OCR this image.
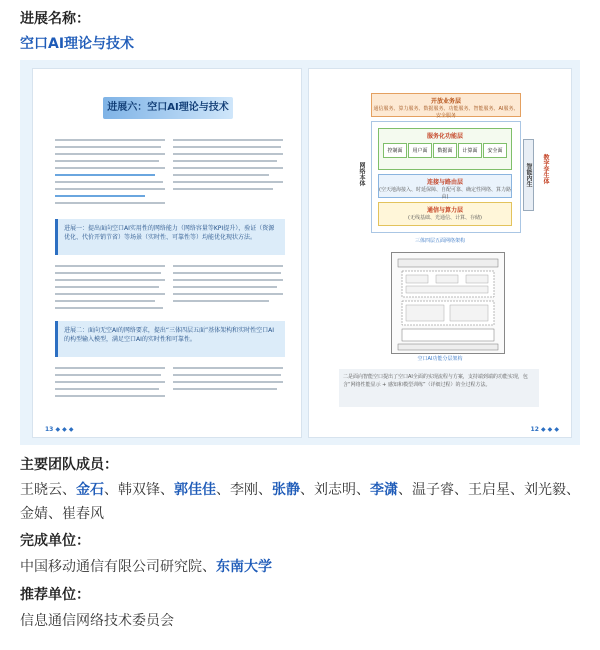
进展名称：
空口AI理论与技术
进展六：空口AI理论与技术
进展一：提出面向空口AI实用性的网络能力（网络容量等KPI提升），验证（资源优化、代价开销节省）等场景（实时性、可靠性等）均能优化现状方法。
进展二：面向无空AI的网络要求，提出“三体四层五面”基体架构和实时性空口AI的构型输入模型，满足空口AI的实时性和可靠性。
13 ◆ ◆ ◆
开放业务层
通信服务、算力服务、数据服务、功能服务、智能服务、AI服务、安全服务
网络本体
服务化功能层
控制面	用户面	数据面	计算面	安全面
连接与路由层
(空天地海接入、时延保障、自配可靠、确定性网络、算力路由)
通信与算力层
(无线基础、光通信、计算、存储)
智能内生	数字孪生体
三体四层五面网络架构
空口AI功能分层架构
二是面向智能空口提出了空口AI全面的实现流程与方案，支持端到端的功能实现，包含“网络性能显示 + 感知和模型训练”（详细过程）的全过程方法。
12 ◆ ◆ ◆
主要团队成员：
王晓云、金石、韩双锋、郭佳佳、李刚、张静、刘志明、李潇、温子睿、王启星、刘光毅、金婧、崔春风
完成单位：
中国移动通信有限公司研究院、东南大学
推荐单位：
信息通信网络技术委员会
